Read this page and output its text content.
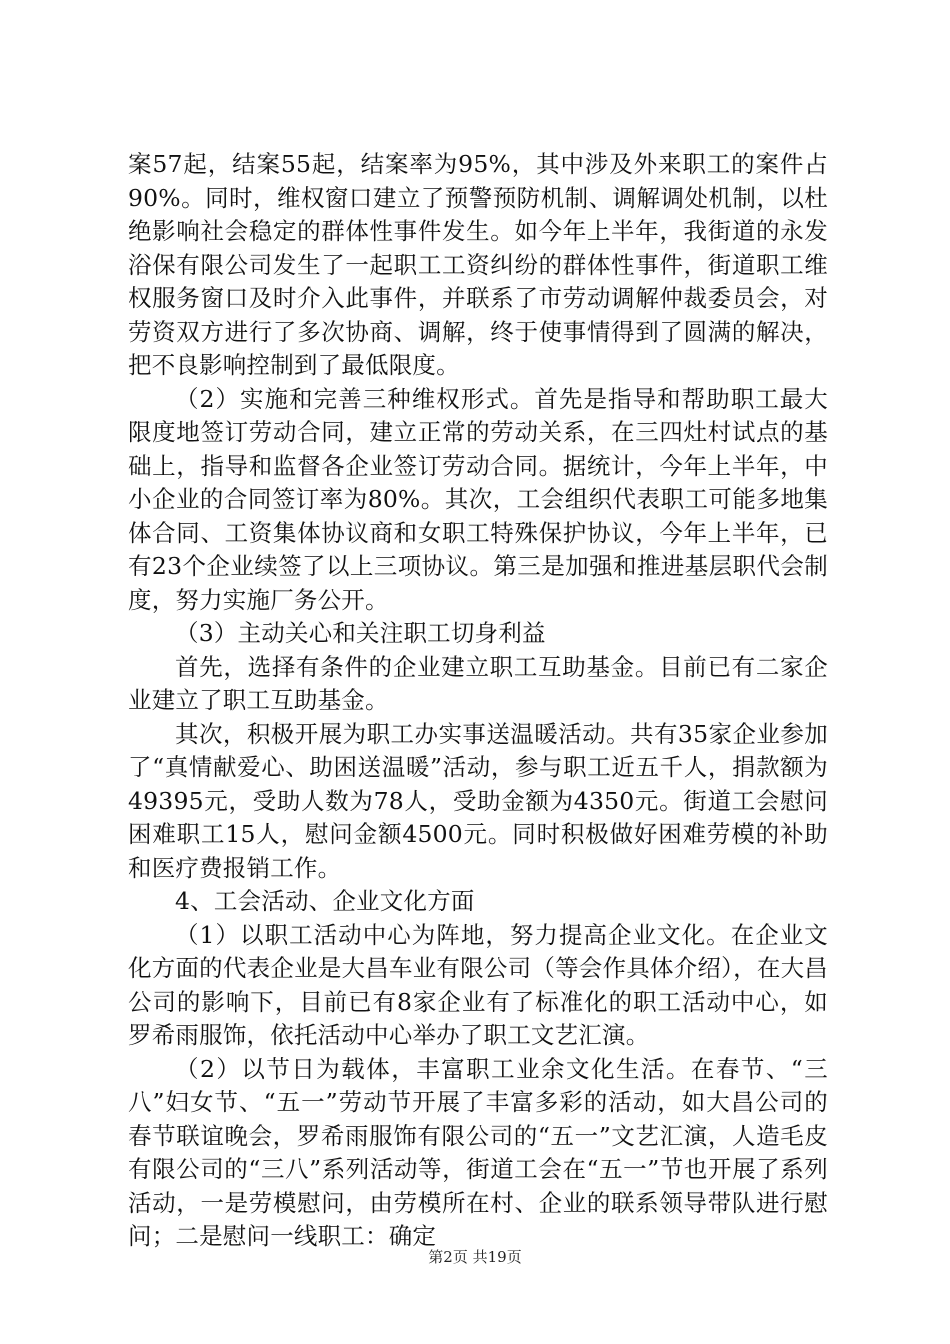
案57起，结案55起，结案率为95%，其中涉及外来职工的案件占90%。同时，维权窗口建立了预警预防机制、调解调处机制，以杜绝影响社会稳定的群体性事件发生。如今年上半年，我街道的永发浴保有限公司发生了一起职工工资纠纷的群体性事件，街道职工维权服务窗口及时介入此事件，并联系了市劳动调解仲裁委员会，对劳资双方进行了多次协商、调解，终于使事情得到了圆满的解决，把不良影响控制到了最低限度。

（2）实施和完善三种维权形式。首先是指导和帮助职工最大限度地签订劳动合同，建立正常的劳动关系，在三四灶村试点的基础上，指导和监督各企业签订劳动合同。据统计，今年上半年，中小企业的合同签订率为80%。其次，工会组织代表职工可能多地集体合同、工资集体协议商和女职工特殊保护协议，今年上半年，已有23个企业续签了以上三项协议。第三是加强和推进基层职代会制度，努力实施厂务公开。

（3）主动关心和关注职工切身利益

首先，选择有条件的企业建立职工互助基金。目前已有二家企业建立了职工互助基金。

其次，积极开展为职工办实事送温暖活动。共有35家企业参加了“真情献爱心、助困送温暖”活动，参与职工近五千人，捐款额为49395元，受助人数为78人，受助金额为4350元。街道工会慰问困难职工15人，慰问金额4500元。同时积极做好困难劳模的补助和医疗费报销工作。

4、工会活动、企业文化方面

（1）以职工活动中心为阵地，努力提高企业文化。在企业文化方面的代表企业是大昌车业有限公司（等会作具体介绍），在大昌公司的影响下，目前已有8家企业有了标准化的职工活动中心，如罗希雨服饰，依托活动中心举办了职工文艺汇演。

（2）以节日为载体，丰富职工业余文化生活。在春节、“三八”妇女节、“五一”劳动节开展了丰富多彩的活动，如大昌公司的春节联谊晚会，罗希雨服饰有限公司的“五一”文艺汇演，人造毛皮有限公司的“三八”系列活动等，街道工会在“五一”节也开展了系列活动，一是劳模慰问，由劳模所在村、企业的联系领导带队进行慰问；二是慰问一线职工：确定

第2页 共19页
